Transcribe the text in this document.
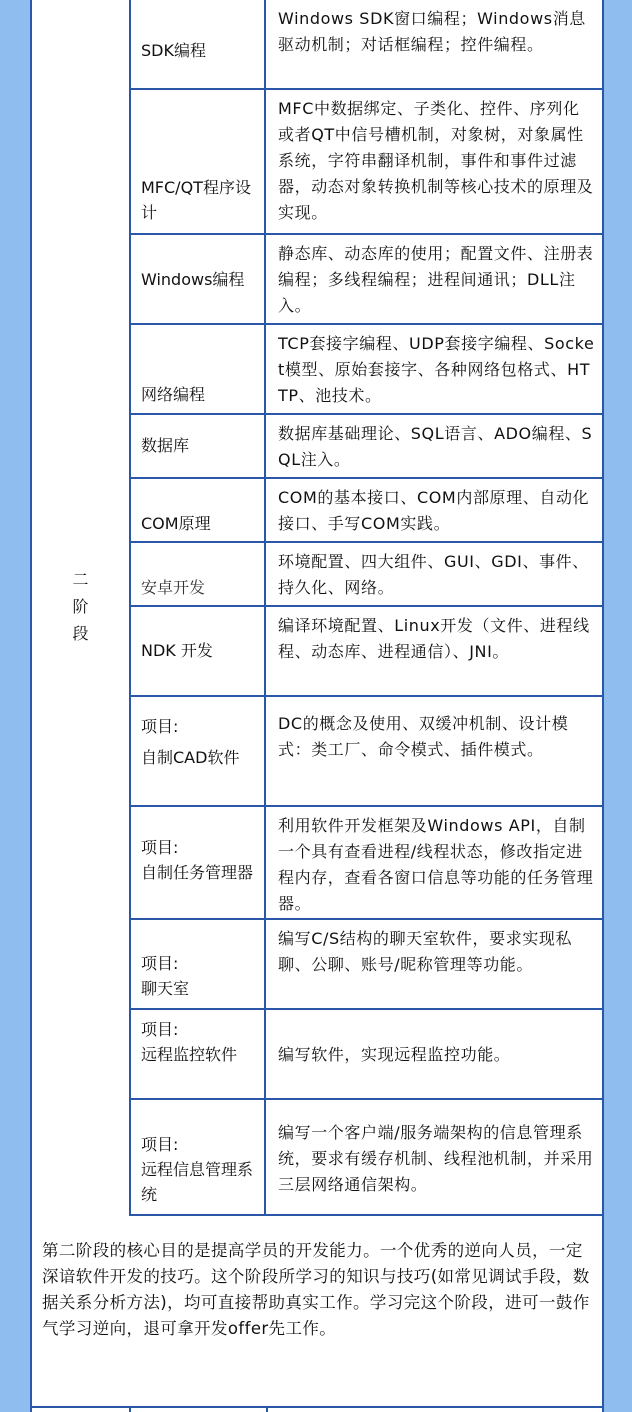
二
阶
段
SDK编程
Windows SDK窗口编程；Windows消息驱动机制；对话框编程；控件编程。
MFC/QT程序设计
MFC中数据绑定、子类化、控件、序列化或者QT中信号槽机制，对象树，对象属性系统，字符串翻译机制，事件和事件过滤器，动态对象转换机制等核心技术的原理及实现。
Windows编程
静态库、动态库的使用；配置文件、注册表编程；多线程编程；进程间通讯；DLL注入。
网络编程
TCP套接字编程、UDP套接字编程、Socket模型、原始套接字、各种网络包格式、HTTP、池技术。
数据库
数据库基础理论、SQL语言、ADO编程、SQL注入。
COM原理
COM的基本接口、COM内部原理、自动化接口、手写COM实践。
安卓开发
环境配置、四大组件、GUI、GDI、事件、持久化、网络。
NDK 开发
编译环境配置、Linux开发（文件、进程线程、动态库、进程通信）、JNI。
项目:
自制CAD软件
DC的概念及使用、双缓冲机制、设计模式：类工厂、命令模式、插件模式。
项目:
自制任务管理器
利用软件开发框架及Windows API，自制一个具有查看进程/线程状态，修改指定进程内存，查看各窗口信息等功能的任务管理器。
项目:
聊天室
编写C/S结构的聊天室软件，要求实现私聊、公聊、账号/昵称管理等功能。
项目:
远程监控软件	编写软件，实现远程监控功能。
项目:
远程信息管理系统
编写一个客户端/服务端架构的信息管理系统，要求有缓存机制、线程池机制，并采用三层网络通信架构。
第二阶段的核心目的是提高学员的开发能力。一个优秀的逆向人员，一定深谙软件开发的技巧。这个阶段所学习的知识与技巧(如常见调试手段，数据关系分析方法)，均可直接帮助真实工作。学习完这个阶段，进可一鼓作气学习逆向，退可拿开发offer先工作。
